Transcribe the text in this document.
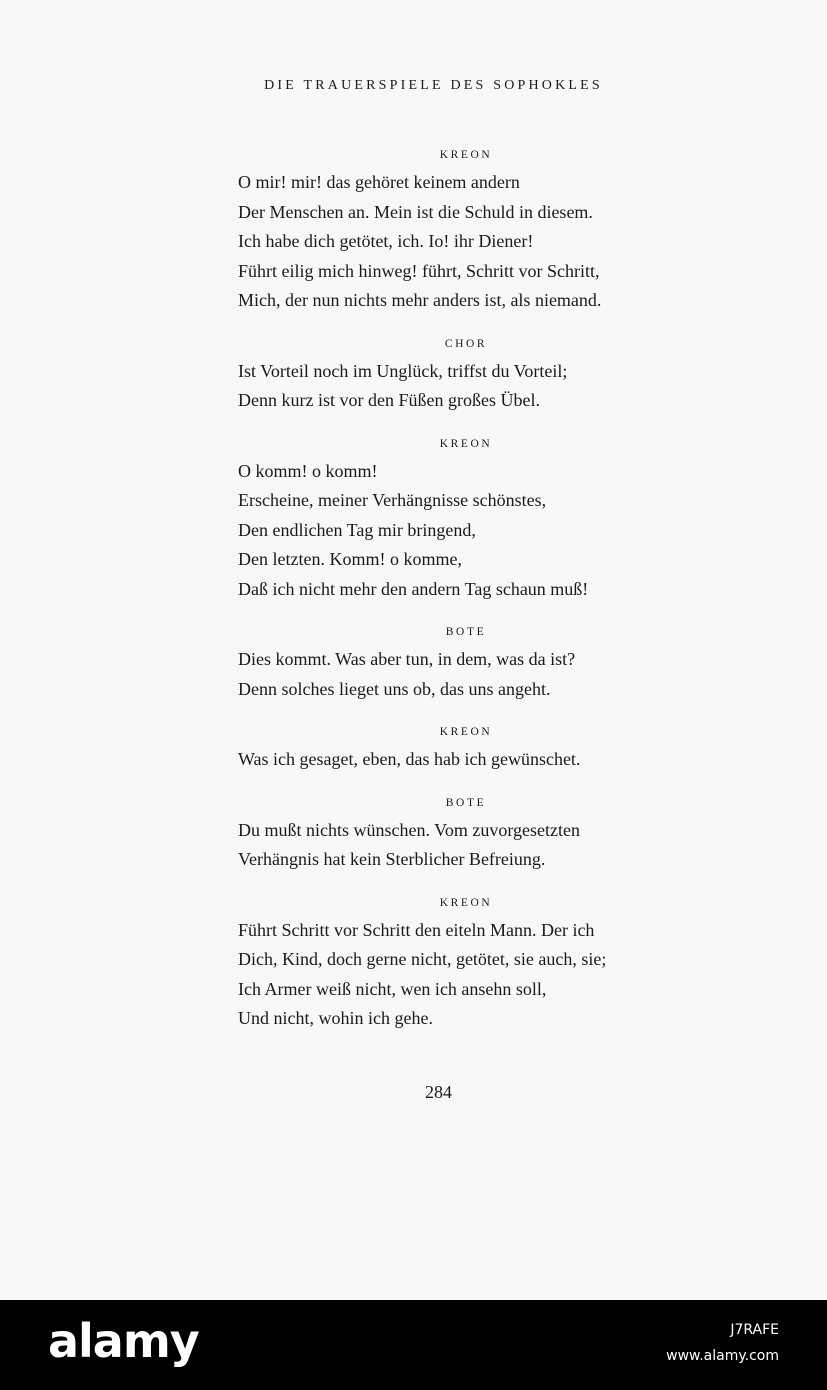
DIE TRAUERSPIELE DES SOPHOKLES
KREON

O mir! mir! das gehöret keinem andern

Der Menschen an. Mein ist die Schuld in diesem.

Ich habe dich getötet, ich. Io! ihr Diener!

Führt eilig mich hinweg! führt, Schritt vor Schritt,

Mich, der nun nichts mehr anders ist, als niemand.

CHOR

Ist Vorteil noch im Unglück, triffst du Vorteil;

Denn kurz ist vor den Füßen großes Übel.

KREON

O komm! o komm!

Erscheine, meiner Verhängnisse schönstes,

Den endlichen Tag mir bringend,

Den letzten. Komm! o komme,

Daß ich nicht mehr den andern Tag schaun muß!

BOTE

Dies kommt. Was aber tun, in dem, was da ist?

Denn solches lieget uns ob, das uns angeht.

KREON

Was ich gesaget, eben, das hab ich gewünschet.

BOTE

Du mußt nichts wünschen. Vom zuvorgesetzten

Verhängnis hat kein Sterblicher Befreiung.

KREON

Führt Schritt vor Schritt den eiteln Mann. Der ich

Dich, Kind, doch gerne nicht, getötet, sie auch, sie;

Ich Armer weiß nicht, wen ich ansehn soll,

Und nicht, wohin ich gehe.

284
alamy	J7RAFE
www.alamy.com
